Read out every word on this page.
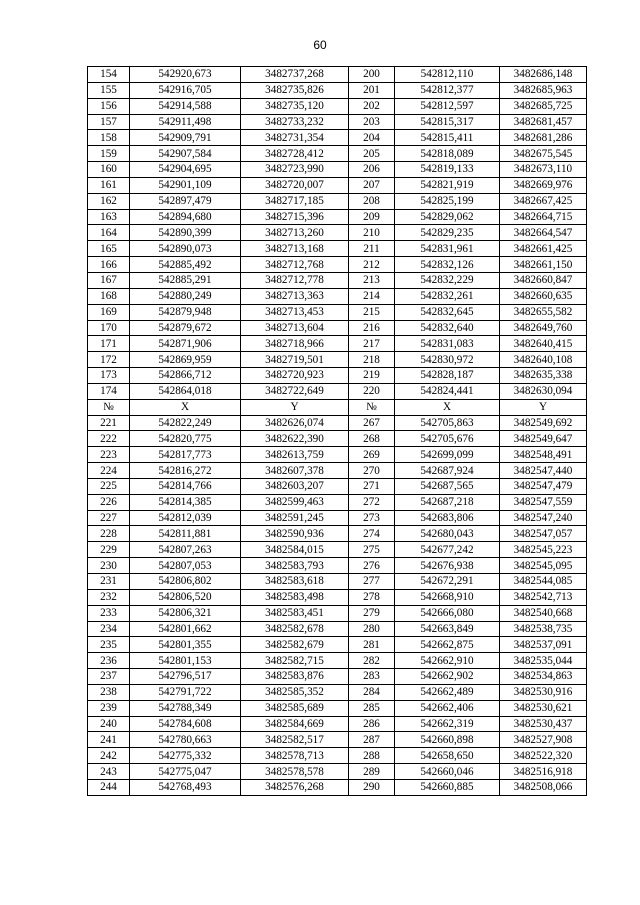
60
154	542920,673	3482737,268	200	542812,110	3482686,148
155	542916,705	3482735,826	201	542812,377	3482685,963
156	542914,588	3482735,120	202	542812,597	3482685,725
157	542911,498	3482733,232	203	542815,317	3482681,457
158	542909,791	3482731,354	204	542815,411	3482681,286
159	542907,584	3482728,412	205	542818,089	3482675,545
160	542904,695	3482723,990	206	542819,133	3482673,110
161	542901,109	3482720,007	207	542821,919	3482669,976
162	542897,479	3482717,185	208	542825,199	3482667,425
163	542894,680	3482715,396	209	542829,062	3482664,715
164	542890,399	3482713,260	210	542829,235	3482664,547
165	542890,073	3482713,168	211	542831,961	3482661,425
166	542885,492	3482712,768	212	542832,126	3482661,150
167	542885,291	3482712,778	213	542832,229	3482660,847
168	542880,249	3482713,363	214	542832,261	3482660,635
169	542879,948	3482713,453	215	542832,645	3482655,582
170	542879,672	3482713,604	216	542832,640	3482649,760
171	542871,906	3482718,966	217	542831,083	3482640,415
172	542869,959	3482719,501	218	542830,972	3482640,108
173	542866,712	3482720,923	219	542828,187	3482635,338
174	542864,018	3482722,649	220	542824,441	3482630,094
№	X	Y	№	X	Y
221	542822,249	3482626,074	267	542705,863	3482549,692
222	542820,775	3482622,390	268	542705,676	3482549,647
223	542817,773	3482613,759	269	542699,099	3482548,491
224	542816,272	3482607,378	270	542687,924	3482547,440
225	542814,766	3482603,207	271	542687,565	3482547,479
226	542814,385	3482599,463	272	542687,218	3482547,559
227	542812,039	3482591,245	273	542683,806	3482547,240
228	542811,881	3482590,936	274	542680,043	3482547,057
229	542807,263	3482584,015	275	542677,242	3482545,223
230	542807,053	3482583,793	276	542676,938	3482545,095
231	542806,802	3482583,618	277	542672,291	3482544,085
232	542806,520	3482583,498	278	542668,910	3482542,713
233	542806,321	3482583,451	279	542666,080	3482540,668
234	542801,662	3482582,678	280	542663,849	3482538,735
235	542801,355	3482582,679	281	542662,875	3482537,091
236	542801,153	3482582,715	282	542662,910	3482535,044
237	542796,517	3482583,876	283	542662,902	3482534,863
238	542791,722	3482585,352	284	542662,489	3482530,916
239	542788,349	3482585,689	285	542662,406	3482530,621
240	542784,608	3482584,669	286	542662,319	3482530,437
241	542780,663	3482582,517	287	542660,898	3482527,908
242	542775,332	3482578,713	288	542658,650	3482522,320
243	542775,047	3482578,578	289	542660,046	3482516,918
244	542768,493	3482576,268	290	542660,885	3482508,066
